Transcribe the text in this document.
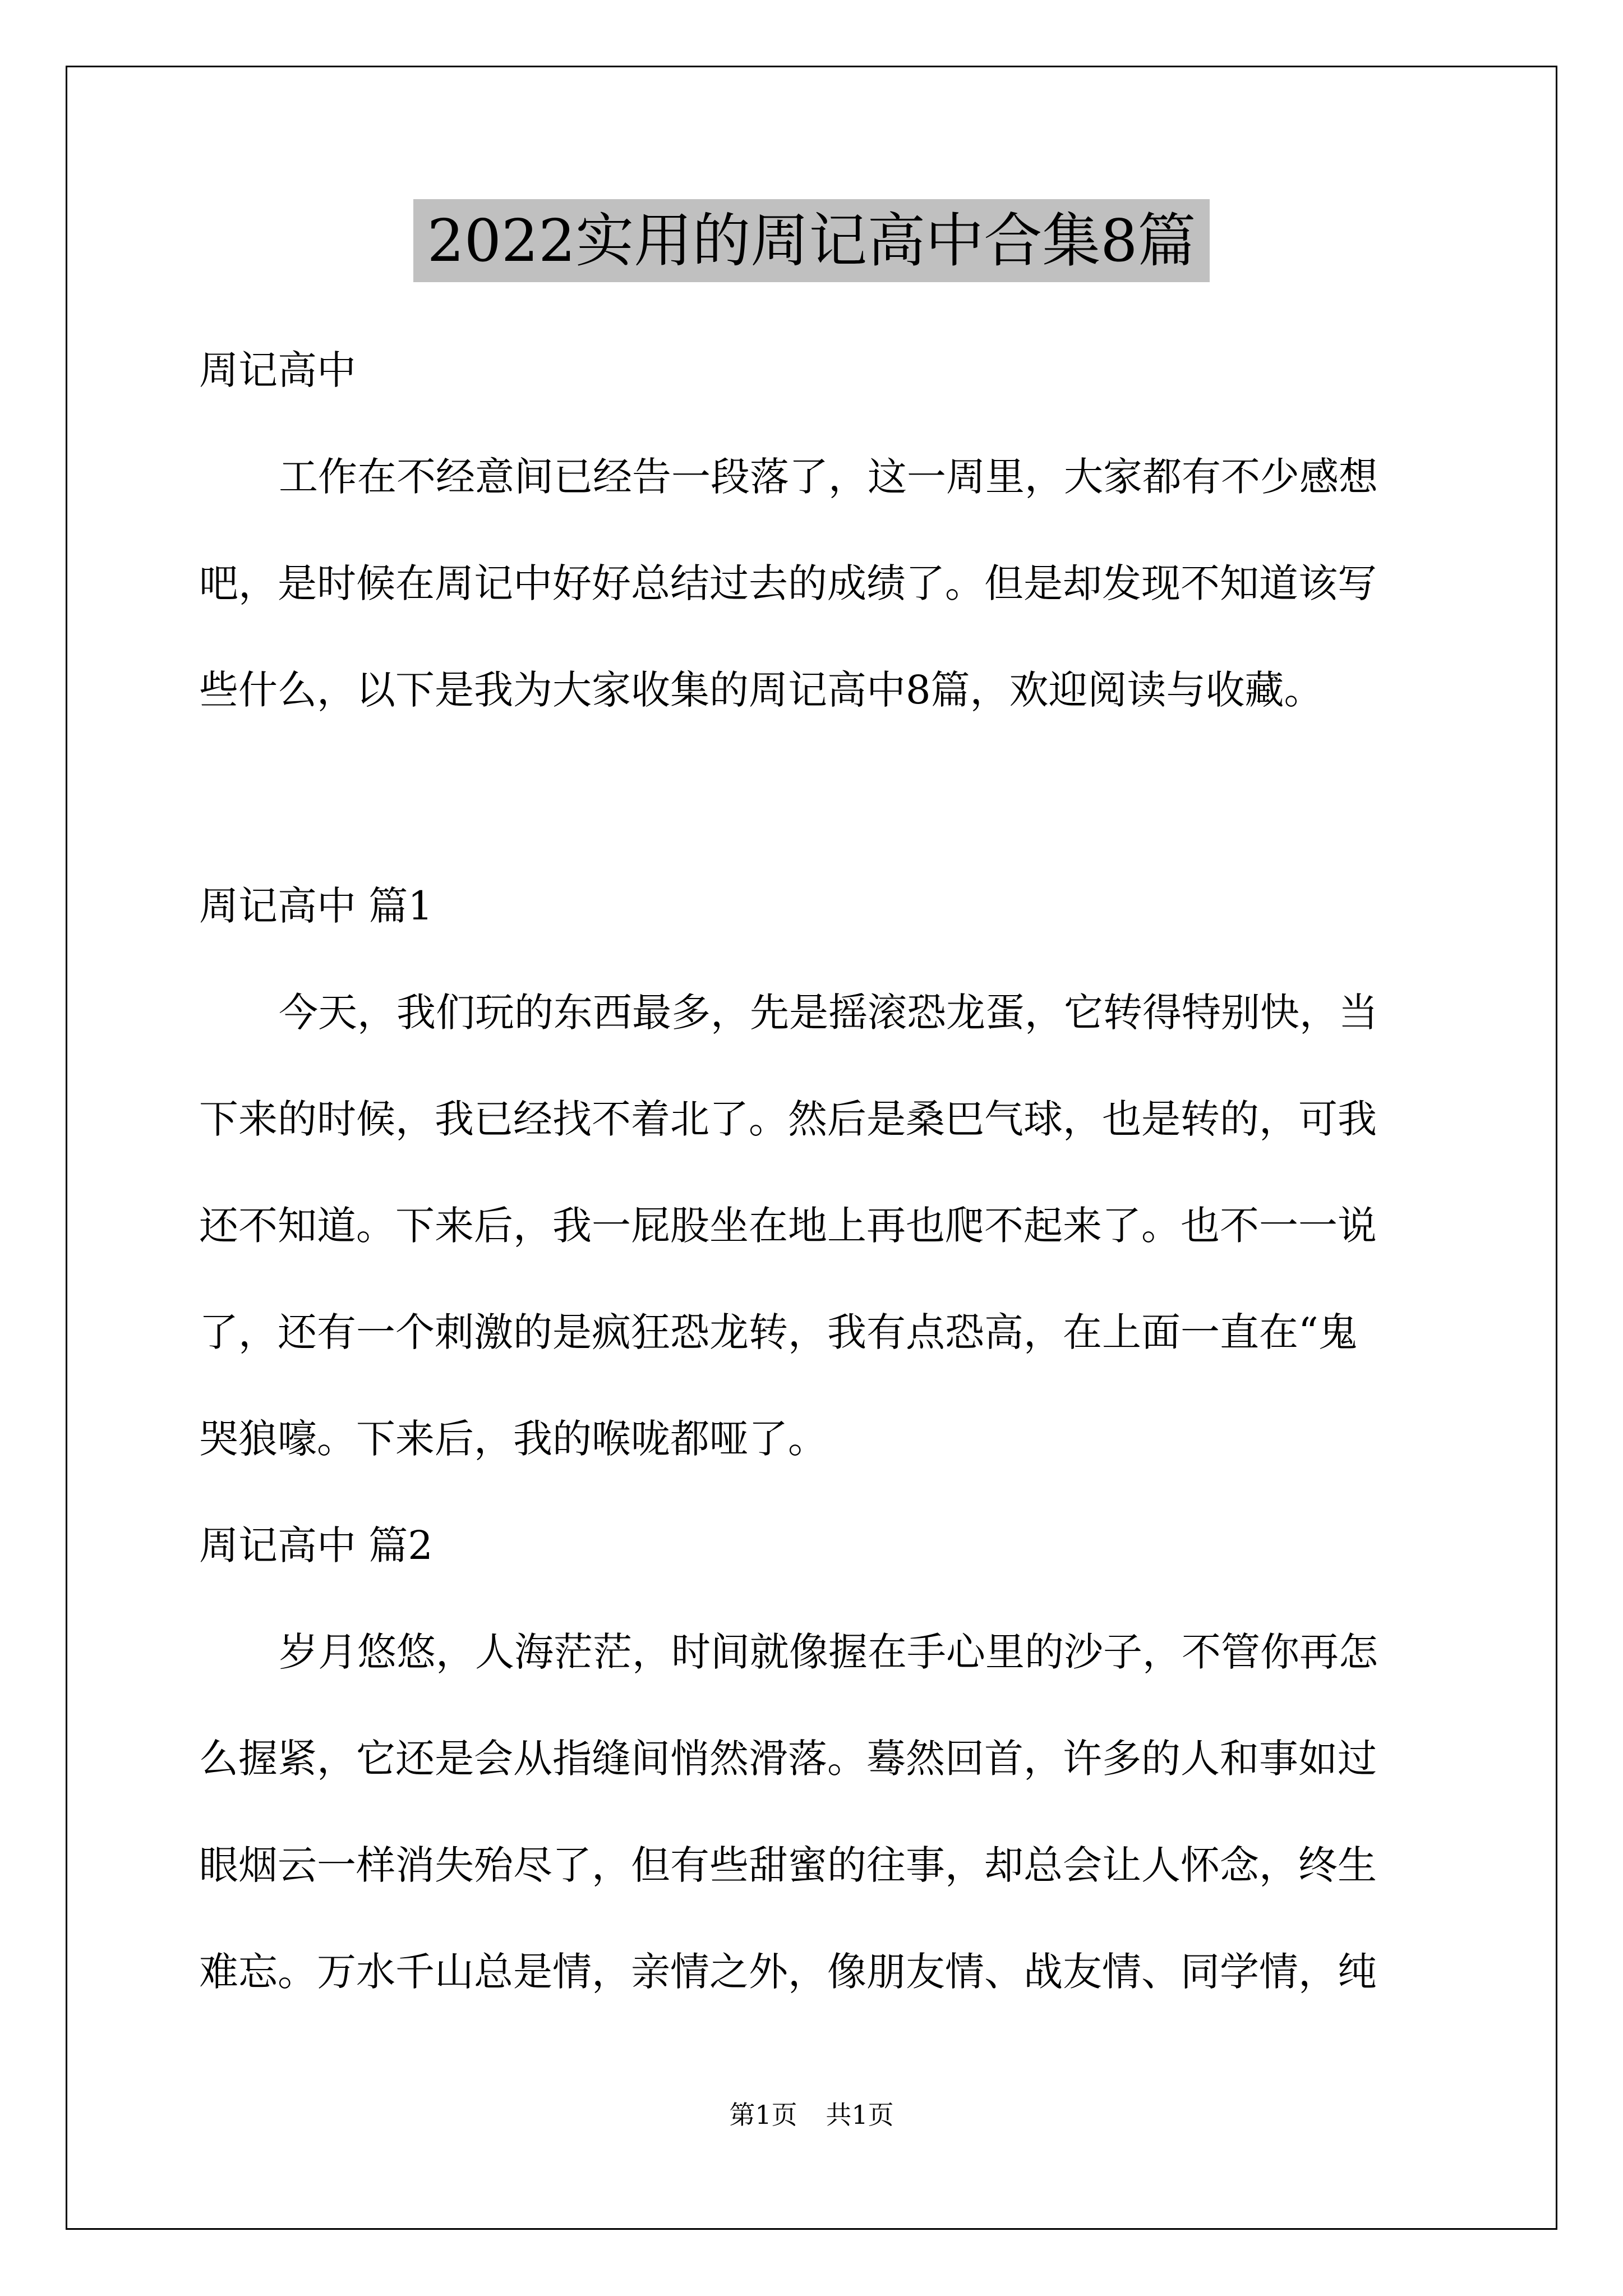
2022实用的周记高中合集8篇
周记高中
工作在不经意间已经告一段落了，这一周里，大家都有不少感想
吧，是时候在周记中好好总结过去的成绩了。但是却发现不知道该写
些什么，以下是我为大家收集的周记高中8篇，欢迎阅读与收藏。
周记高中 篇1
今天，我们玩的东西最多，先是摇滚恐龙蛋，它转得特别快，当
下来的时候，我已经找不着北了。然后是桑巴气球，也是转的，可我
还不知道。下来后，我一屁股坐在地上再也爬不起来了。也不一一说
了，还有一个刺激的是疯狂恐龙转，我有点恐高，在上面一直在“鬼
哭狼嚎。下来后，我的喉咙都哑了。
周记高中 篇2
岁月悠悠，人海茫茫，时间就像握在手心里的沙子，不管你再怎
么握紧，它还是会从指缝间悄然滑落。蓦然回首，许多的人和事如过
眼烟云一样消失殆尽了，但有些甜蜜的往事，却总会让人怀念，终生
难忘。万水千山总是情，亲情之外，像朋友情、战友情、同学情，纯
第1页 共1页
